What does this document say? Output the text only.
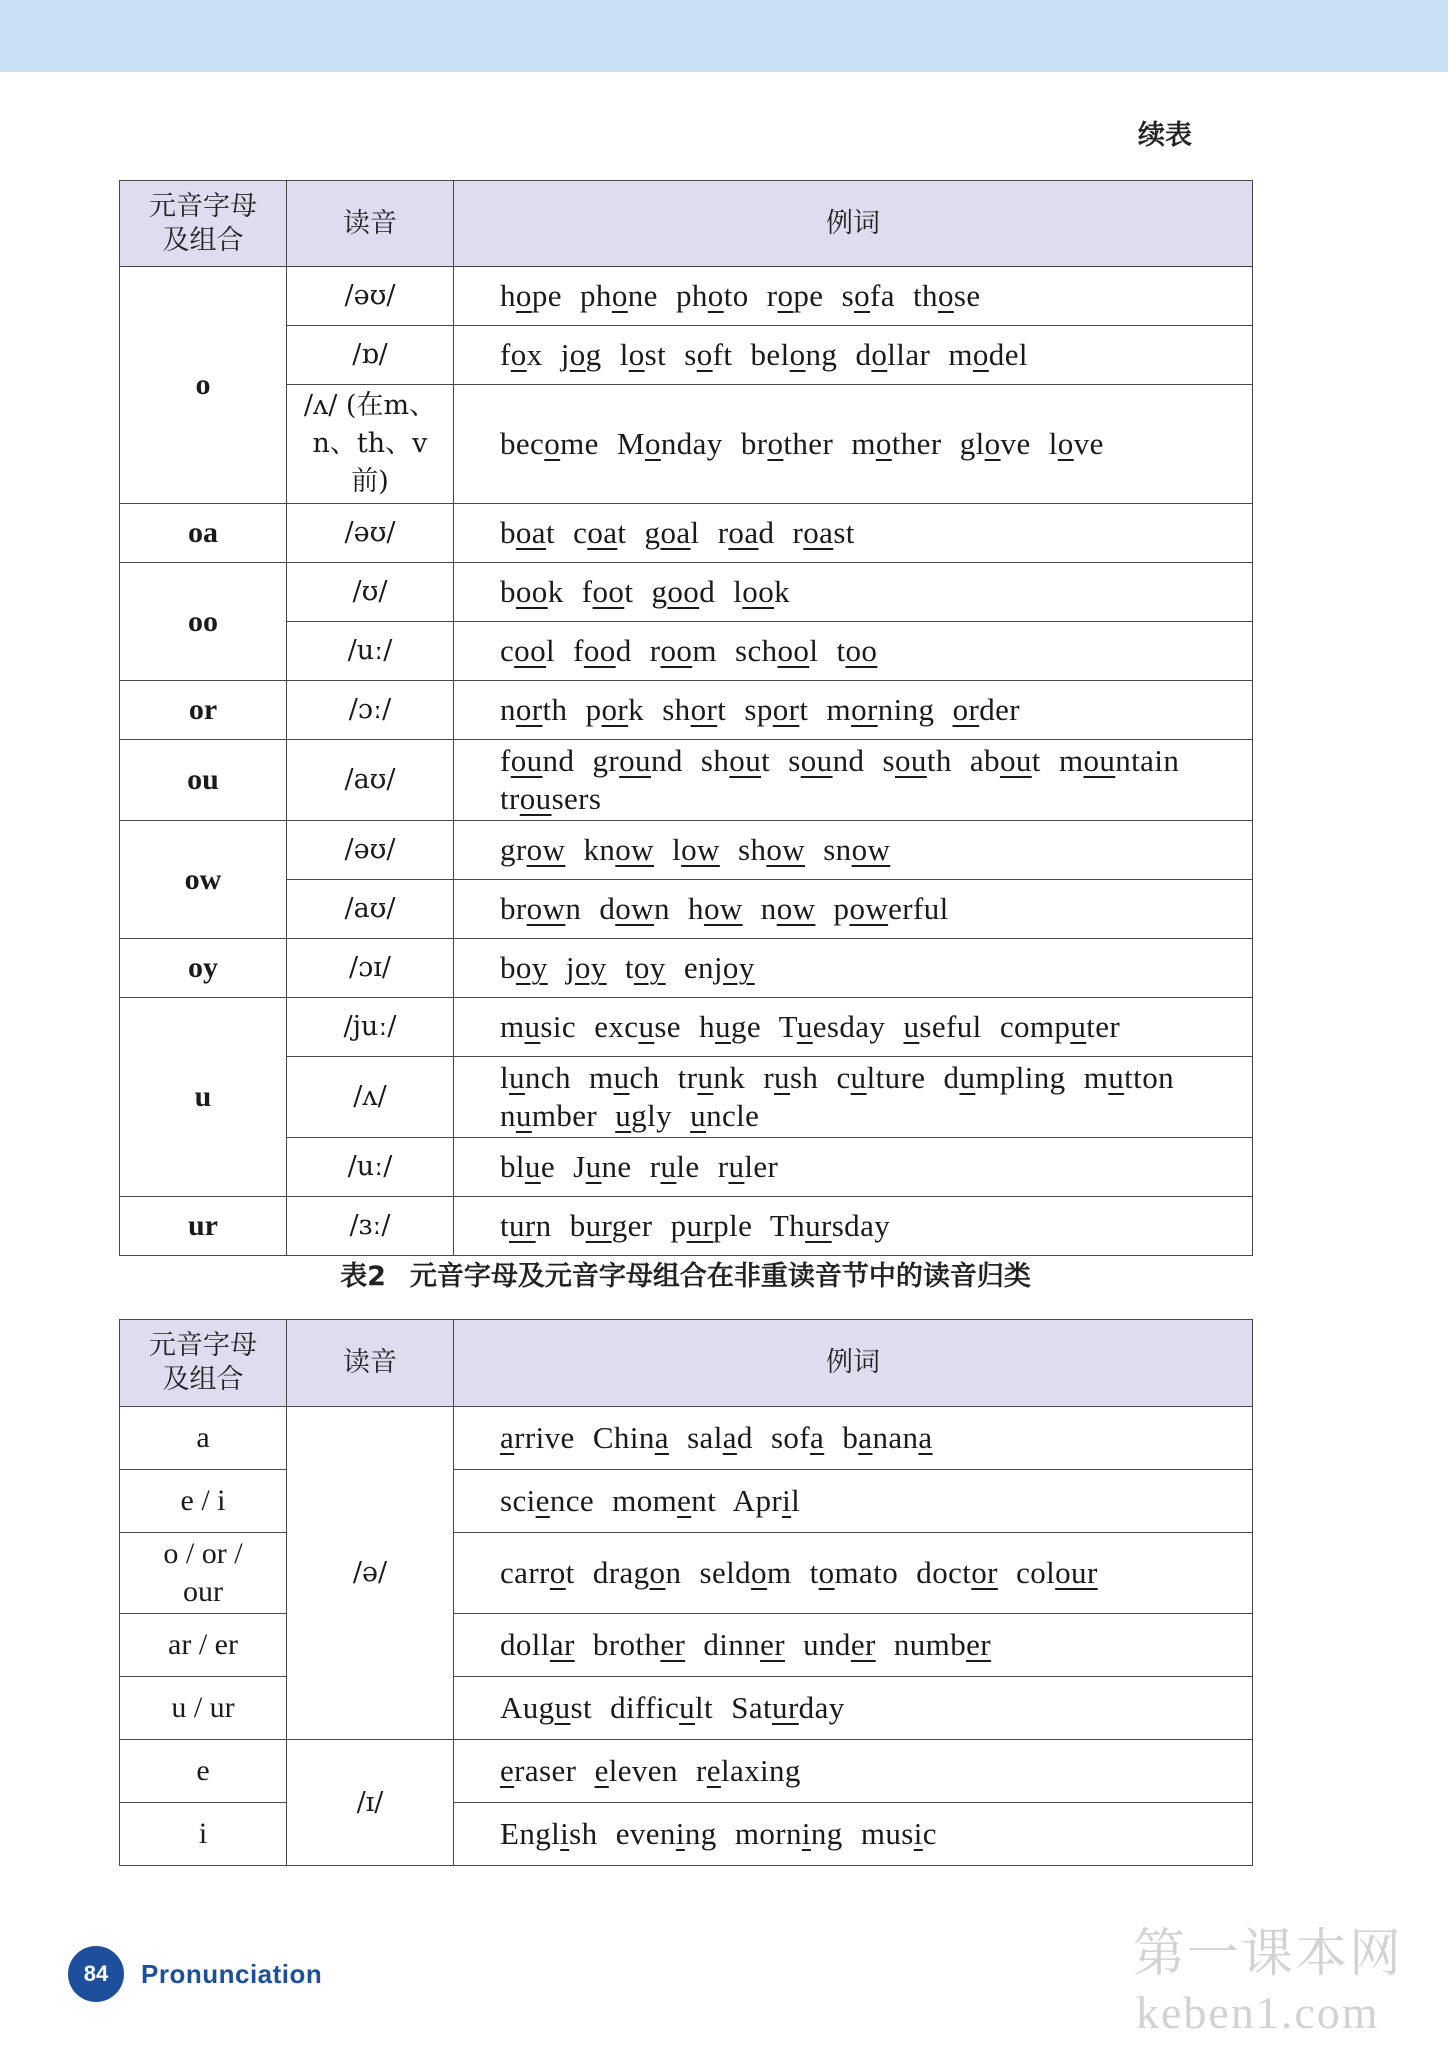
续表
元音字母及组合	读音	例词
o	/əʊ/	hope phone photo rope sofa those

	/ɒ/	fox jog lost soft belong dollar model

	/ʌ/ (在m、n、th、v前)	become Monday brother mother glove love

oa	/əʊ/	boat coat goal road roast

oo	/ʊ/	book foot good look

	/uː/	cool food room school too

or	/ɔː/	north pork short sport morning order

ou	/aʊ/	found ground shout sound south about mountain
trousers

ow	/əʊ/	grow know low show snow

	/aʊ/	brown down how now powerful

oy	/ɔɪ/	boy joy toy enjoy

u	/juː/	music excuse huge Tuesday useful computer

	/ʌ/	lunch much trunk rush culture dumpling mutton
number ugly uncle

	/uː/	blue June rule ruler

ur	/ɜː/	turn burger purple Thursday
表2 元音字母及元音字母组合在非重读音节中的读音归类
元音字母及组合	读音	例词
a	/ə/	arrive China salad sofa banana

e / i		science moment April

o / or / our		carrot dragon seldom tomato doctor colour

ar / er		dollar brother dinner under number

u / ur		August difficult Saturday

e	/ɪ/	eraser eleven relaxing

i		English evening morning music
84	Pronunciation	第一课本网
keben1.com
